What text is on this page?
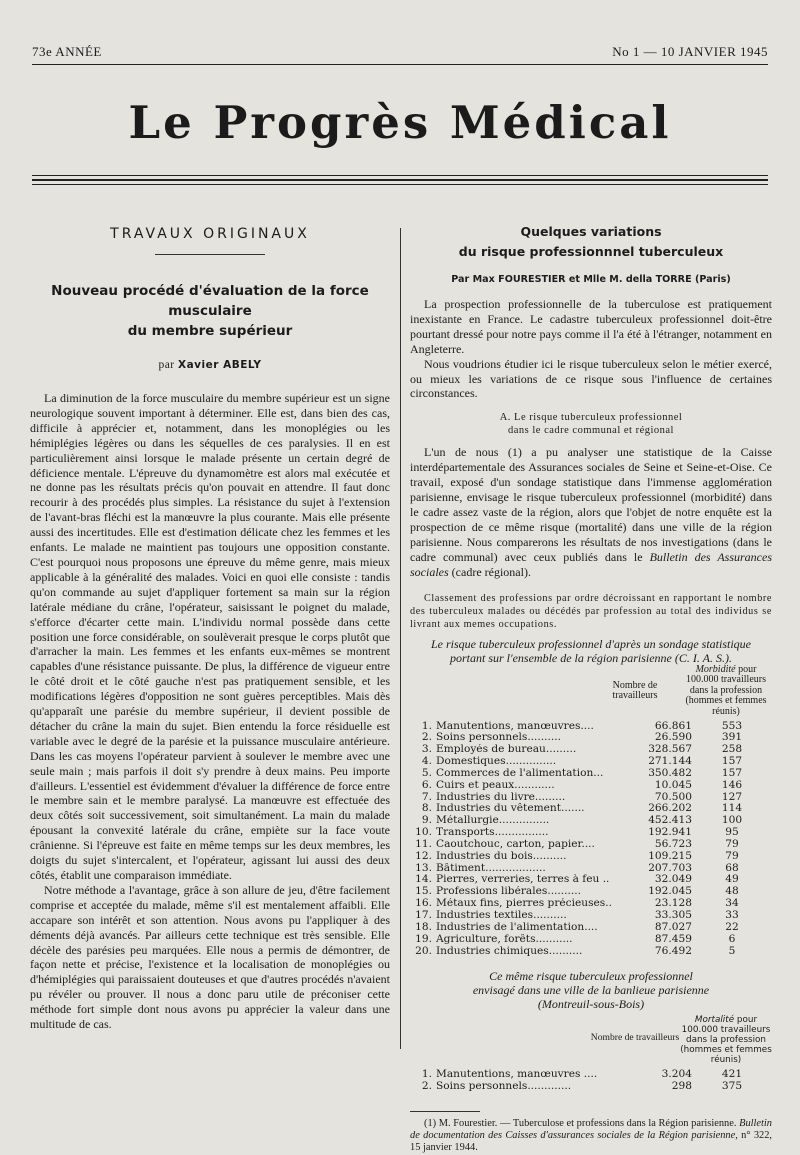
73e ANNÉE	No 1 — 10 JANVIER 1945
Le Progrès Médical
TRAVAUX ORIGINAUX
Nouveau procédé d'évaluation de la force musculaire
du membre supérieur
par Xavier ABELY

La diminution de la force musculaire du membre supérieur est un signe neurologique souvent important à déterminer. Elle est, dans bien des cas, difficile à apprécier et, notamment, dans les monoplégies ou les hémiplégies légères ou dans les séquelles de ces paralysies. Il en est particulièrement ainsi lorsque le malade présente un certain degré de déficience mentale. L'épreuve du dynamomètre est alors mal exécutée et ne donne pas les résultats précis qu'on pouvait en attendre. Il faut donc recourir à des procédés plus simples. La résistance du sujet à l'extension de l'avant-bras fléchi est la manœuvre la plus courante. Mais elle présente aussi des incertitudes. Elle est d'estimation délicate chez les femmes et les enfants. Le malade ne maintient pas toujours une opposition constante. C'est pourquoi nous proposons une épreuve du même genre, mais mieux applicable à la généralité des malades. Voici en quoi elle consiste : tandis qu'on commande au sujet d'appliquer fortement sa main sur la région latérale médiane du crâne, l'opérateur, saisissant le poignet du malade, s'efforce d'écarter cette main. L'individu normal possède dans cette position une force considérable, on soulèverait presque le corps plutôt que d'arracher la main. Les femmes et les enfants eux-mêmes se montrent capables d'une résistance puissante. De plus, la différence de vigueur entre le côté droit et le côté gauche n'est pas pratiquement sensible, et les modifications légères d'opposition ne sont guères perceptibles. Mais dès qu'apparaît une parésie du membre supérieur, il devient possible de détacher du crâne la main du sujet. Bien entendu la force résiduelle est variable avec le degré de la parésie et la puissance musculaire antérieure. Dans les cas moyens l'opérateur parvient à soulever le membre avec une seule main ; mais parfois il doit s'y prendre à deux mains. Peu importe d'ailleurs. L'essentiel est évidemment d'évaluer la différence de force entre le membre sain et le membre paralysé. La manœuvre est effectuée des deux côtés soit successivement, soit simultanément. La main du malade épousant la convexité latérale du crâne, empiète sur la face voute crânienne. Si l'épreuve est faite en même temps sur les deux membres, les doigts du sujet s'intercalent, et l'opérateur, agissant lui aussi des deux côtés, établit une comparaison immédiate.

Notre méthode a l'avantage, grâce à son allure de jeu, d'être facilement comprise et acceptée du malade, même s'il est mentalement affaibli. Elle accapare son intérêt et son attention. Nous avons pu l'appliquer à des déments déjà avancés. Par ailleurs cette technique est très sensible. Elle décèle des parésies peu marquées. Elle nous a permis de démontrer, de façon nette et précise, l'existence et la localisation de monoplégies ou d'hémiplégies qui paraissaient douteuses et que d'autres procédés n'avaient pu révéler ou prouver. Il nous a donc paru utile de préconiser cette méthode fort simple dont nous avons pu apprécier la valeur dans une multitude de cas.

Quelques variations
du risque professionnnel tuberculeux
Par Max FOURESTIER et Mlle M. della TORRE (Paris)

La prospection professionnelle de la tuberculose est pratiquement inexistante en France. Le cadastre tuberculeux professionnel doit-être pourtant dressé pour notre pays comme il l'a été à l'étranger, notamment en Angleterre.

Nous voudrions étudier ici le risque tuberculeux selon le métier exercé, ou mieux les variations de ce risque sous l'influence de certaines circonstances.

A. Le risque tuberculeux professionnel
dans le cadre communal et régional

L'un de nous (1) a pu analyser une statistique de la Caisse interdépartementale des Assurances sociales de Seine et Seine-et-Oise. Ce travail, exposé d'un sondage statistique dans l'immense agglomération parisienne, envisage le risque tuberculeux professionnel (morbidité) dans le cadre assez vaste de la région, alors que l'objet de notre enquête est la prospection de ce même risque (mortalité) dans une ville de la région parisienne. Nous comparerons les résultats de nos investigations (dans le cadre communal) avec ceux publiés dans le Bulletin des Assurances sociales (cadre régional).

Classement des professions par ordre décroissant en rapportant le nombre des tuberculeux malades ou décédés par profession au total des individus se livrant aux memes occupations.
Le risque tuberculeux professionnel d'après un sondage statistique
portant sur l'ensemble de la région parisienne (C. I. A. S.).
Nombre de travailleurs
Morbidité pour 100.000 travailleurs dans la profession (hommes et femmes réunis)
1. Manutentions, manœuvres....	66.861	553
2. Soins personnels..........	26.590	391
3. Employés de bureau.........	328.567	258
4. Domestiques...............	271.144	157
5. Commerces de l'alimentation...	350.482	157
6. Cuirs et peaux............	10.045	146
7. Industries du livre.........	70.500	127
8. Industries du vêtement.......	266.202	114
9. Métallurgie...............	452.413	100
10. Transports................	192.941	95
11. Caoutchouc, carton, papier....	56.723	79
12. Industries du bois..........	109.215	79
13. Bâtiment..................	207.703	68
14. Pierres, verreries, terres à feu ..	32.049	49
15. Professions libérales..........	192.045	48
16. Métaux fins, pierres précieuses..	23.128	34
17. Industries textiles..........	33.305	33
18. Industries de l'alimentation....	87.027	22
19. Agriculture, forêts...........	87.459	6
20. Industries chimiques..........	76.492	5
Ce même risque tuberculeux professionnel
envisagé dans une ville de la banlieue parisienne
(Montreuil-sous-Bois)
Nombre de travailleurs
Mortalité pour 100.000 travailleurs dans la profession (hommes et femmes réunis)
1. Manutentions, manœuvres ....	3.204	421
2. Soins personnels.............	298	375
(1) M. Fourestier. — Tuberculose et professions dans la Région parisienne. Bulletin de documentation des Caisses d'assurances sociales de la Région parisienne, n° 322, 15 janvier 1944.
